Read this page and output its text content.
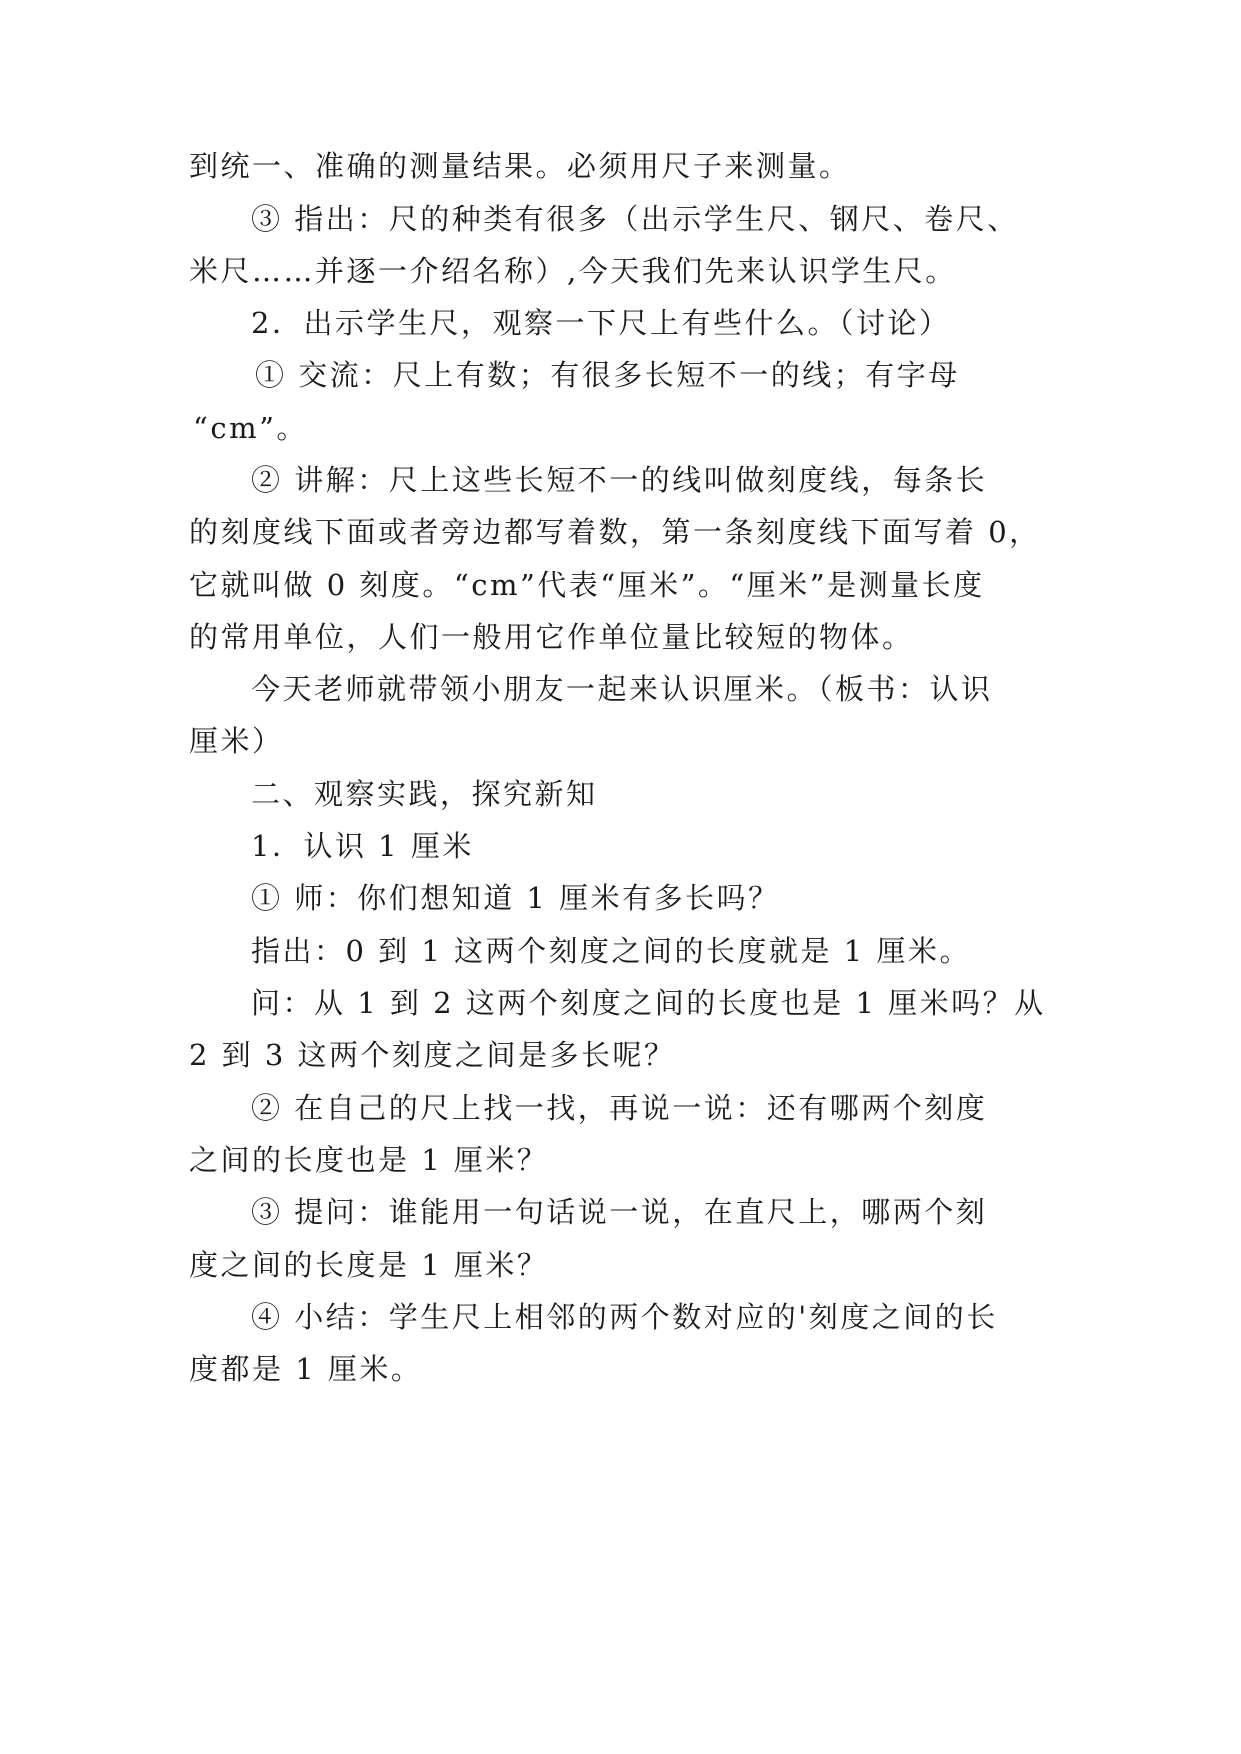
到统一、准确的测量结果。必须用尺子来测量。
③ 指出：尺的种类有很多（出示学生尺、钢尺、卷尺、
米尺……并逐一介绍名称）,今天我们先来认识学生尺。
2．出示学生尺，观察一下尺上有些什么。（讨论）
① 交流：尺上有数；有很多长短不一的线；有字母
“cm”。
② 讲解：尺上这些长短不一的线叫做刻度线，每条长
的刻度线下面或者旁边都写着数，第一条刻度线下面写着 0，
它就叫做 0 刻度。“cm”代表“厘米”。“厘米”是测量长度
的常用单位，人们一般用它作单位量比较短的物体。
今天老师就带领小朋友一起来认识厘米。（板书：认识
厘米）
二、观察实践，探究新知
1．认识 1 厘米
① 师：你们想知道 1 厘米有多长吗？
指出：0 到 1 这两个刻度之间的长度就是 1 厘米。
问：从 1 到 2 这两个刻度之间的长度也是 1 厘米吗？从
2 到 3 这两个刻度之间是多长呢？
② 在自己的尺上找一找，再说一说：还有哪两个刻度
之间的长度也是 1 厘米？
③ 提问：谁能用一句话说一说，在直尺上，哪两个刻
度之间的长度是 1 厘米？
④ 小结：学生尺上相邻的两个数对应的'刻度之间的长
度都是 1 厘米。
